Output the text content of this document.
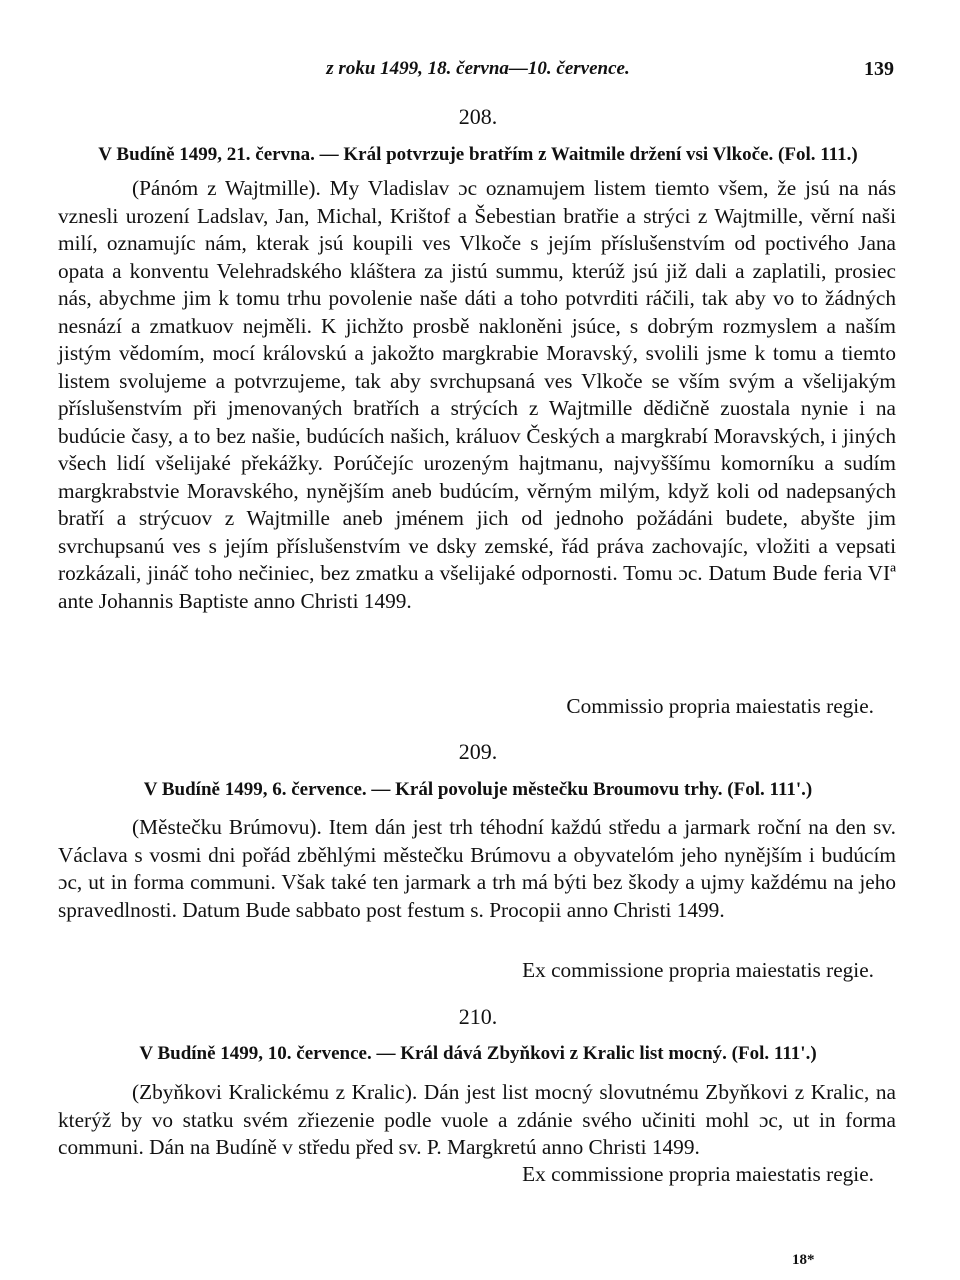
z roku 1499, 18. června—10. července.	139
208.
V Budíně 1499, 21. června. — Král potvrzuje bratřím z Waitmile držení vsi Vlkoče. (Fol. 111.)

(Pánóm z Wajtmille). My Vladislav ɔc oznamujem listem tiemto všem, že jsú na nás vznesli urození Ladslav, Jan, Michal, Krištof a Šebestian bratřie a strýci z Wajtmille, věrní naši milí, oznamujíc nám, kterak jsú koupili ves Vlkoče s jejím příslušenstvím od poctivého Jana opata a konventu Velehradského kláštera za jistú summu, kterúž jsú již dali a zaplatili, prosiec nás, abychme jim k tomu trhu povolenie naše dáti a toho potvrditi ráčili, tak aby vo to žádných nesnází a zmatkuov nejměli. K jichžto prosbě nakloněni jsúce, s dobrým rozmyslem a naším jistým vědomím, mocí královskú a jakožto margkrabie Moravský, svolili jsme k tomu a tiemto listem svolujeme a potvrzujeme, tak aby svrchupsaná ves Vlkoče se vším svým a všelijakým příslušenstvím při jmenovaných bratřích a strýcích z Wajtmille dědičně zuostala nynie i na budúcie časy, a to bez našie, budúcích našich, králuov Českých a margkrabí Moravských, i jiných všech lidí všelijaké překážky. Porúčejíc urozeným hajtmanu, najvyššímu komorníku a sudím margkrabstvie Moravského, nynějším aneb budúcím, věrným milým, když koli od nadepsaných bratří a strýcuov z Wajtmille aneb jménem jich od jednoho požádáni budete, abyšte jim svrchupsanú ves s jejím příslušenstvím ve dsky zemské, řád práva zachovajíc, vložiti a vepsati rozkázali, jináč toho nečiniec, bez zmatku a všelijaké odpornosti. Tomu ɔc. Datum Bude feria VIª ante Johannis Baptiste anno Christi 1499.

Commissio propria maiestatis regie.
209.
V Budíně 1499, 6. července. — Král povoluje městečku Broumovu trhy. (Fol. 111'.)

(Městečku Brúmovu). Item dán jest trh téhodní každú středu a jarmark roční na den sv. Václava s vosmi dni pořád zběhlými městečku Brúmovu a obyvatelóm jeho nynějším i budúcím ɔc, ut in forma communi. Však také ten jarmark a trh má býti bez škody a ujmy každému na jeho spravedlnosti. Datum Bude sabbato post festum s. Procopii anno Christi 1499.

Ex commissione propria maiestatis regie.
210.
V Budíně 1499, 10. července. — Král dává Zbyňkovi z Kralic list mocný. (Fol. 111'.)

(Zbyňkovi Kralickému z Kralic). Dán jest list mocný slovutnému Zbyňkovi z Kralic, na kterýž by vo statku svém zřiezenie podle vuole a zdánie svého učiniti mohl ɔc, ut in forma communi. Dán na Budíně v středu před sv. P. Margkretú anno Christi 1499.

Ex commissione propria maiestatis regie.
18*
